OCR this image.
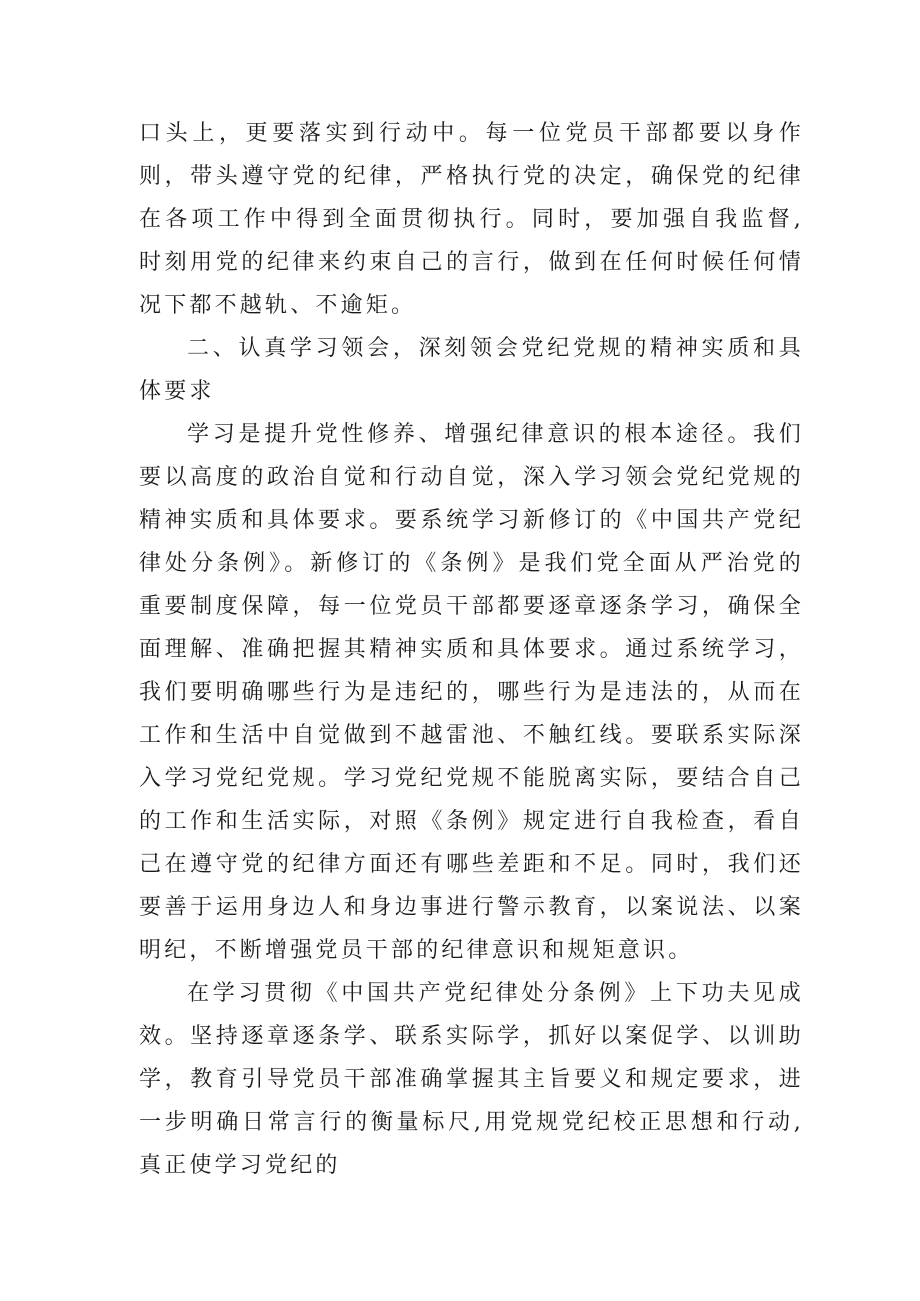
口头上，更要落实到行动中。每一位党员干部都要以身作则，带头遵守党的纪律，严格执行党的决定，确保党的纪律在各项工作中得到全面贯彻执行。同时，要加强自我监督,时刻用党的纪律来约束自己的言行，做到在任何时候任何情况下都不越轨、不逾矩。

二、认真学习领会，深刻领会党纪党规的精神实质和具体要求

学习是提升党性修养、增强纪律意识的根本途径。我们要以高度的政治自觉和行动自觉，深入学习领会党纪党规的精神实质和具体要求。要系统学习新修订的《中国共产党纪律处分条例》。新修订的《条例》是我们党全面从严治党的重要制度保障，每一位党员干部都要逐章逐条学习，确保全面理解、准确把握其精神实质和具体要求。通过系统学习，我们要明确哪些行为是违纪的，哪些行为是违法的，从而在工作和生活中自觉做到不越雷池、不触红线。要联系实际深入学习党纪党规。学习党纪党规不能脱离实际，要结合自己的工作和生活实际，对照《条例》规定进行自我检查，看自己在遵守党的纪律方面还有哪些差距和不足。同时，我们还要善于运用身边人和身边事进行警示教育，以案说法、以案明纪，不断增强党员干部的纪律意识和规矩意识。

在学习贯彻《中国共产党纪律处分条例》上下功夫见成效。坚持逐章逐条学、联系实际学，抓好以案促学、以训助学，教育引导党员干部准确掌握其主旨要义和规定要求，进一步明确日常言行的衡量标尺,用党规党纪校正思想和行动,真正使学习党纪的
